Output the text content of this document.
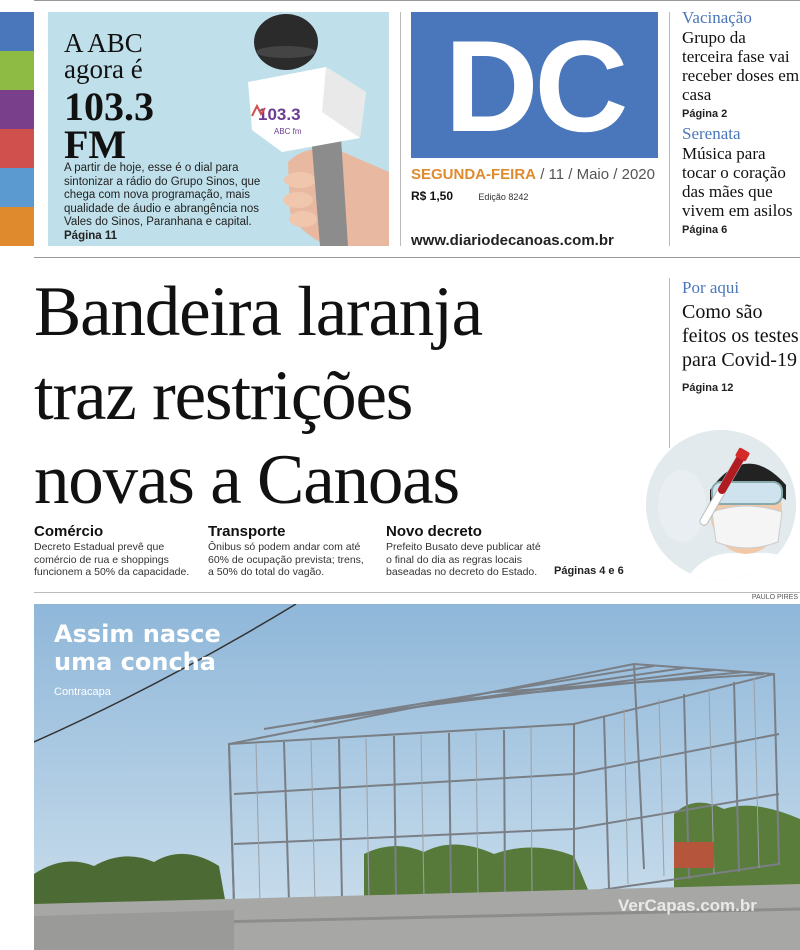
A ABC
agora é
103.3
FM
A partir de hoje, esse é o dial para sintonizar a rádio do Grupo Sinos, que chega com nova programação, mais qualidade de áudio e abrangência nos Vales do Sinos, Paranhana e capital. Página 11
103.3
ABC fm DC
SEGUNDA-FEIRA / 11 / Maio / 2020
R$ 1,50	Edição 8242
www.diariodecanoas.com.br
Vacinação
Grupo da terceira fase vai receber doses em casa
Página 2
Serenata
Música para tocar o coração das mães que vivem em asilos
Página 6
Bandeira laranja
traz restrições
novas a Canoas
Comércio
Decreto Estadual prevê que comércio de rua e shoppings funcionem a 50% da capacidade.
Transporte
Ônibus só podem andar com até 60% de ocupação prevista; trens, a 50% do total do vagão.
Novo decreto
Prefeito Busato deve publicar até o final do dia as regras locais baseadas no decreto do Estado.	Páginas 4 e 6
Por aqui
Como são feitos os testes para Covid-19
Página 12
PAULO PIRES
Assim nasce
uma concha
Contracapa
VerCapas.com.br
